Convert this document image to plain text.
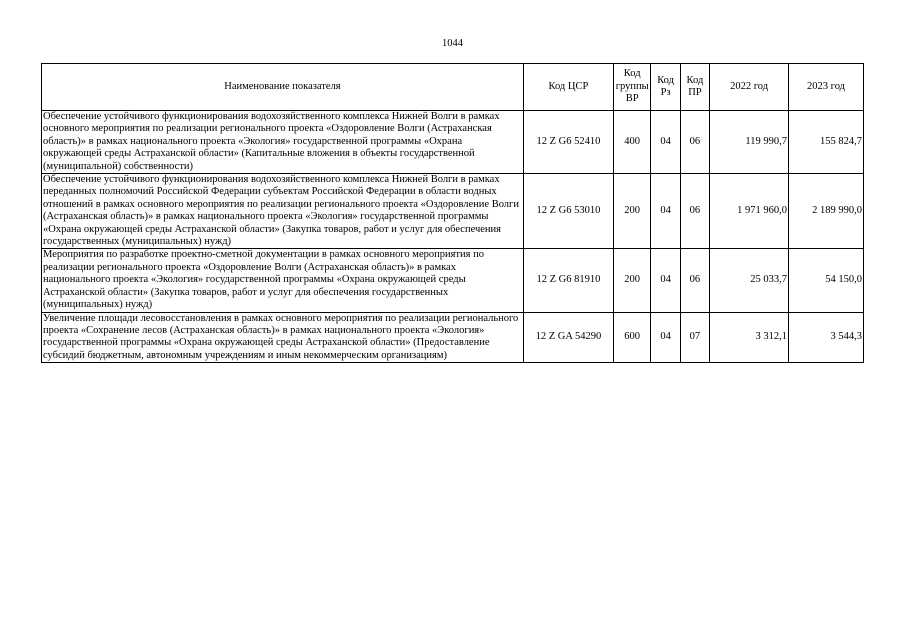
1044
Наименование показателя	Код ЦСР	Код группы ВР	Код Рз	Код ПР	2022 год	2023 год
Обеспечение устойчивого функционирования водохозяйственного комплекса Нижней Волги в рамках основного мероприятия по реализации регионального проекта «Оздоровление Волги (Астраханская область)» в рамках национального проекта «Экология» государственной программы «Охрана окружающей среды Астраханской области» (Капитальные вложения в объекты государственной (муниципальной) собственности)	12 Z G6 52410	400	04	06	119 990,7	155 824,7
Обеспечение устойчивого функционирования водохозяйственного комплекса Нижней Волги в рамках переданных полномочий Российской Федерации субъектам Российской Федерации в области водных отношений в рамках основного мероприятия по реализации регионального проекта «Оздоровление Волги (Астраханская область)» в рамках национального проекта «Экология» государственной программы «Охрана окружающей среды Астраханской области» (Закупка товаров, работ и услуг для обеспечения государственных (муниципальных) нужд)	12 Z G6 53010	200	04	06	1 971 960,0	2 189 990,0
Мероприятия по разработке проектно-сметной документации в рамках основного мероприятия по реализации регионального проекта «Оздоровление Волги (Астраханская область)» в рамках национального проекта «Экология» государственной программы «Охрана окружающей среды Астраханской области» (Закупка товаров, работ и услуг для обеспечения государственных (муниципальных) нужд)	12 Z G6 81910	200	04	06	25 033,7	54 150,0
Увеличение площади лесовосстановления в рамках основного мероприятия по реализации регионального проекта «Сохранение лесов (Астраханская область)» в рамках национального проекта «Экология» государственной программы «Охрана окружающей среды Астраханской области» (Предоставление субсидий бюджетным, автономным учреждениям и иным некоммерческим организациям)	12 Z GA 54290	600	04	07	3 312,1	3 544,3
